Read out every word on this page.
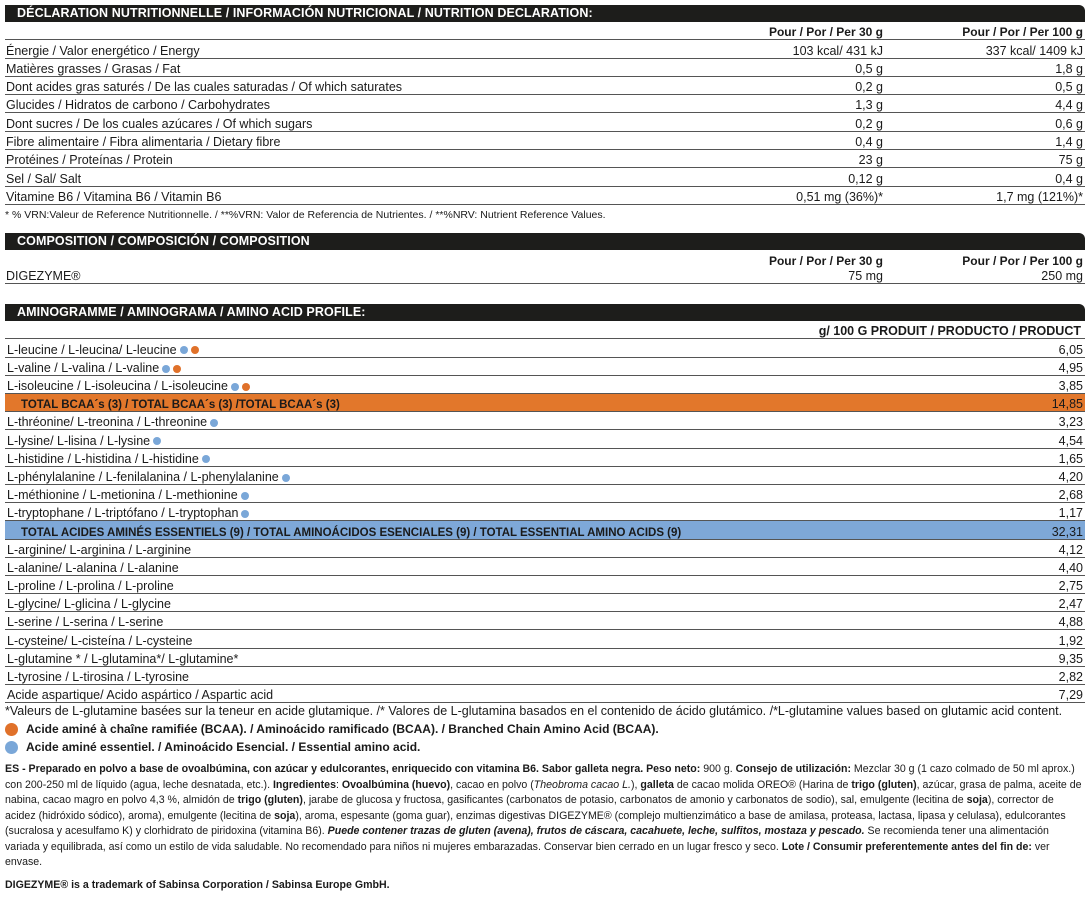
DÉCLARATION NUTRITIONNELLE / INFORMACIÓN NUTRICIONAL / NUTRITION DECLARATION:
Pour / Por / Per 30 g	Pour / Por / Per 100 g
Énergie / Valor energético / Energy	103 kcal/ 431 kJ	337 kcal/ 1409 kJ
Matières grasses / Grasas / Fat	0,5 g	1,8 g
Dont acides gras saturés / De las cuales saturadas / Of which saturates	0,2 g	0,5 g
Glucides / Hidratos de carbono / Carbohydrates	1,3 g	4,4 g
Dont sucres / De los cuales azúcares / Of which sugars	0,2 g	0,6 g
Fibre alimentaire / Fibra alimentaria / Dietary fibre	0,4 g	1,4 g
Protéines / Proteínas / Protein	23 g	75 g
Sel / Sal/ Salt	0,12 g	0,4 g
Vitamine B6 / Vitamina B6 / Vitamin B6	0,51 mg (36%)*	1,7 mg (121%)*
* % VRN:Valeur de Reference Nutritionnelle. / **%VRN: Valor de Referencia de Nutrientes. / **%NRV: Nutrient Reference Values.
COMPOSITION / COMPOSICIÓN / COMPOSITION
Pour / Por / Per 30 g	Pour / Por / Per 100 g
DIGEZYME®	75 mg	250 mg
AMINOGRAMME / AMINOGRAMA / AMINO ACID PROFILE:
g/ 100 G PRODUIT / PRODUCTO / PRODUCT
L-leucine / L-leucina/ L-leucine	6,05
L-valine / L-valina / L-valine	4,95
L-isoleucine / L-isoleucina / L-isoleucine	3,85
TOTAL BCAA´s (3) / TOTAL BCAA´s (3) /TOTAL BCAA´s (3)	14,85
L-thréonine/ L-treonina / L-threonine	3,23
L-lysine/ L-lisina / L-lysine	4,54
L-histidine / L-histidina / L-histidine	1,65
L-phénylalanine / L-fenilalanina / L-phenylalanine	4,20
L-méthionine / L-metionina / L-methionine	2,68
L-tryptophane / L-triptófano / L-tryptophan	1,17
TOTAL ACIDES AMINÉS ESSENTIELS (9) / TOTAL AMINOÁCIDOS ESENCIALES (9) / TOTAL ESSENTIAL AMINO ACIDS (9)	32,31
L-arginine/ L-arginina / L-arginine	4,12
L-alanine/ L-alanina / L-alanine	4,40
L-proline / L-prolina / L-proline	2,75
L-glycine/ L-glicina / L-glycine	2,47
L-serine / L-serina / L-serine	4,88
L-cysteine/ L-cisteína / L-cysteine	1,92
L-glutamine * / L-glutamina*/ L-glutamine*	9,35
L-tyrosine / L-tirosina / L-tyrosine	2,82
Acide aspartique/ Acido aspártico / Aspartic acid	7,29
*Valeurs de L-glutamine basées sur la teneur en acide glutamique. /* Valores de L-glutamina basados en el contenido de ácido glutámico. /*L-glutamine values based on glutamic acid content.
Acide aminé à chaîne ramifiée (BCAA). / Aminoácido ramificado (BCAA). / Branched Chain Amino Acid (BCAA).
Acide aminé essentiel. / Aminoácido Esencial. / Essential amino acid.
ES - Preparado en polvo a base de ovoalbúmina, con azúcar y edulcorantes, enriquecido con vitamina B6. Sabor galleta negra. Peso neto: 900 g. Consejo de utilización: Mezclar 30 g (1 cazo colmado de 50 ml aprox.) con 200-250 ml de líquido (agua, leche desnatada, etc.). Ingredientes: Ovoalbúmina (huevo), cacao en polvo (Theobroma cacao L.), galleta de cacao molida OREO® (Harina de trigo (gluten), azúcar, grasa de palma, aceite de nabina, cacao magro en polvo 4,3 %, almidón de trigo (gluten), jarabe de glucosa y fructosa, gasificantes (carbonatos de potasio, carbonatos de amonio y carbonatos de sodio), sal, emulgente (lecitina de soja), corrector de acidez (hidróxido sódico), aroma), emulgente (lecitina de soja), aroma, espesante (goma guar), enzimas digestivas DIGEZYME® (complejo multienzimático a base de amilasa, proteasa, lactasa, lipasa y celulasa), edulcorantes (sucralosa y acesulfamo K) y clorhidrato de piridoxina (vitamina B6). Puede contener trazas de gluten (avena), frutos de cáscara, cacahuete, leche, sulfitos, mostaza y pescado. Se recomienda tener una alimentación variada y equilibrada, así como un estilo de vida saludable. No recomendado para niños ni mujeres embarazadas. Conservar bien cerrado en un lugar fresco y seco. Lote / Consumir preferentemente antes del fin de: ver envase.
DIGEZYME® is a trademark of Sabinsa Corporation / Sabinsa Europe GmbH.
